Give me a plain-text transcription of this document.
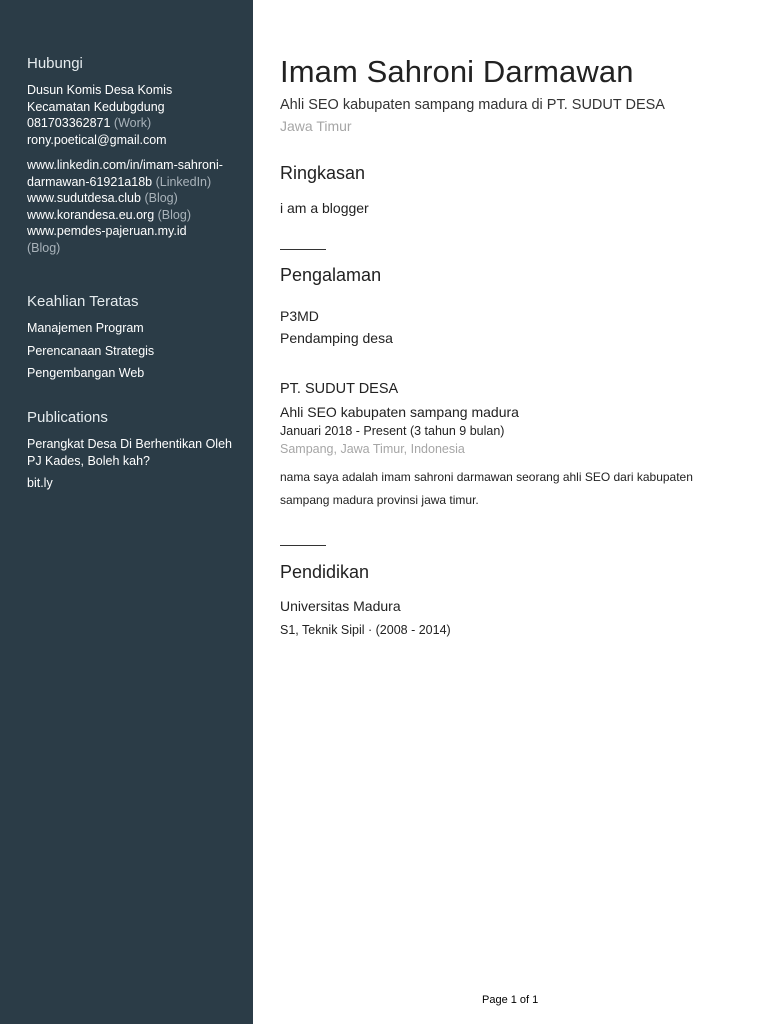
Hubungi
Dusun Komis Desa Komis
Kecamatan Kedubgdung
081703362871 (Work)
rony.poetical@gmail.com
www.linkedin.com/in/imam-sahroni-
darmawan-61921a18b (LinkedIn)
www.sudutdesa.club (Blog)
www.korandesa.eu.org (Blog)
www.pemdes-pajeruan.my.id
(Blog)
Keahlian Teratas
Manajemen Program
Perencanaan Strategis
Pengembangan Web
Publications
Perangkat Desa Di Berhentikan Oleh
PJ Kades, Boleh kah?
bit.ly
Imam Sahroni Darmawan
Ahli SEO kabupaten sampang madura di PT. SUDUT DESA
Jawa Timur
Ringkasan
i am a blogger
Pengalaman
P3MD
Pendamping desa
PT. SUDUT DESA
Ahli SEO kabupaten sampang madura
Januari 2018 - Present (3 tahun 9 bulan)
Sampang, Jawa Timur, Indonesia
nama saya adalah imam sahroni darmawan seorang ahli SEO dari kabupaten
sampang madura provinsi jawa timur.
Pendidikan
Universitas Madura
S1, Teknik Sipil · (2008 - 2014)
Page 1 of 1
